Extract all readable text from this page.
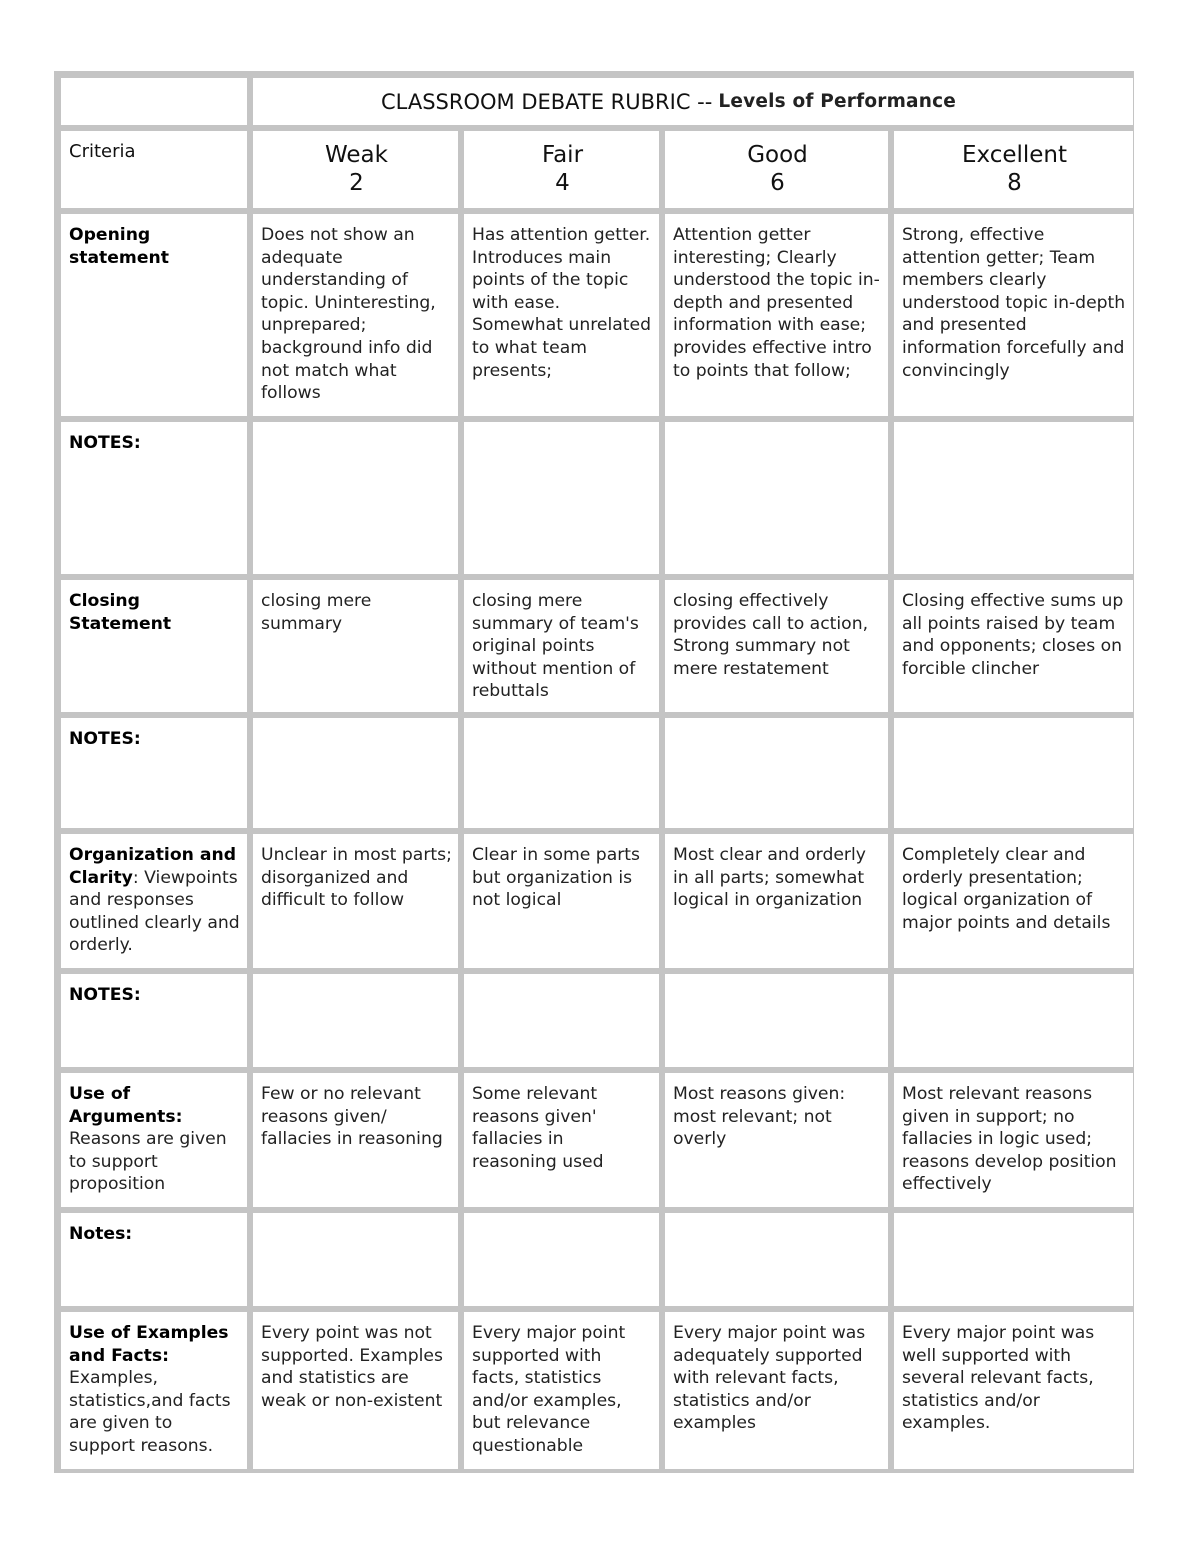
CLASSROOM DEBATE RUBRIC -- Levels of Performance
Criteria	Weak
2
Fair
4
Good
6
Excellent
8
Opening statement
Does not show an adequate understanding of topic. Uninteresting, unprepared; background info did not match what follows
Has attention getter. Introduces main points of the topic with ease. Somewhat unrelated to what team presents;
Attention getter interesting; Clearly understood the topic in-depth and presented information with ease; provides effective intro to points that follow;
Strong, effective attention getter; Team members clearly understood topic in-depth and presented information forcefully and convincingly
NOTES:
Closing Statement
closing mere summary
closing mere summary of team's original points without mention of rebuttals
closing effectively provides call to action, Strong summary not mere restatement
Closing effective sums up all points raised by team and opponents; closes on forcible clincher
NOTES:
Organization and Clarity: Viewpoints and responses outlined clearly and orderly.
Unclear in most parts; disorganized and difficult to follow
Clear in some parts but organization is not logical
Most clear and orderly in all parts; somewhat logical in organization
Completely clear and orderly presentation; logical organization of major points and details
NOTES:
Use of Arguments: Reasons are given to support proposition
Few or no relevant reasons given/ fallacies in reasoning
Some relevant reasons given' fallacies in reasoning used
Most reasons given: most relevant; not overly
Most relevant reasons given in support; no fallacies in logic used; reasons develop position effectively
Notes:
Use of Examples and Facts: Examples, statistics,and facts are given to support reasons.
Every point was not supported. Examples and statistics are weak or non-existent
Every major point supported with facts, statistics and/or examples, but relevance questionable
Every major point was adequately supported with relevant facts, statistics and/or examples
Every major point was well supported with several relevant facts, statistics and/or examples.
